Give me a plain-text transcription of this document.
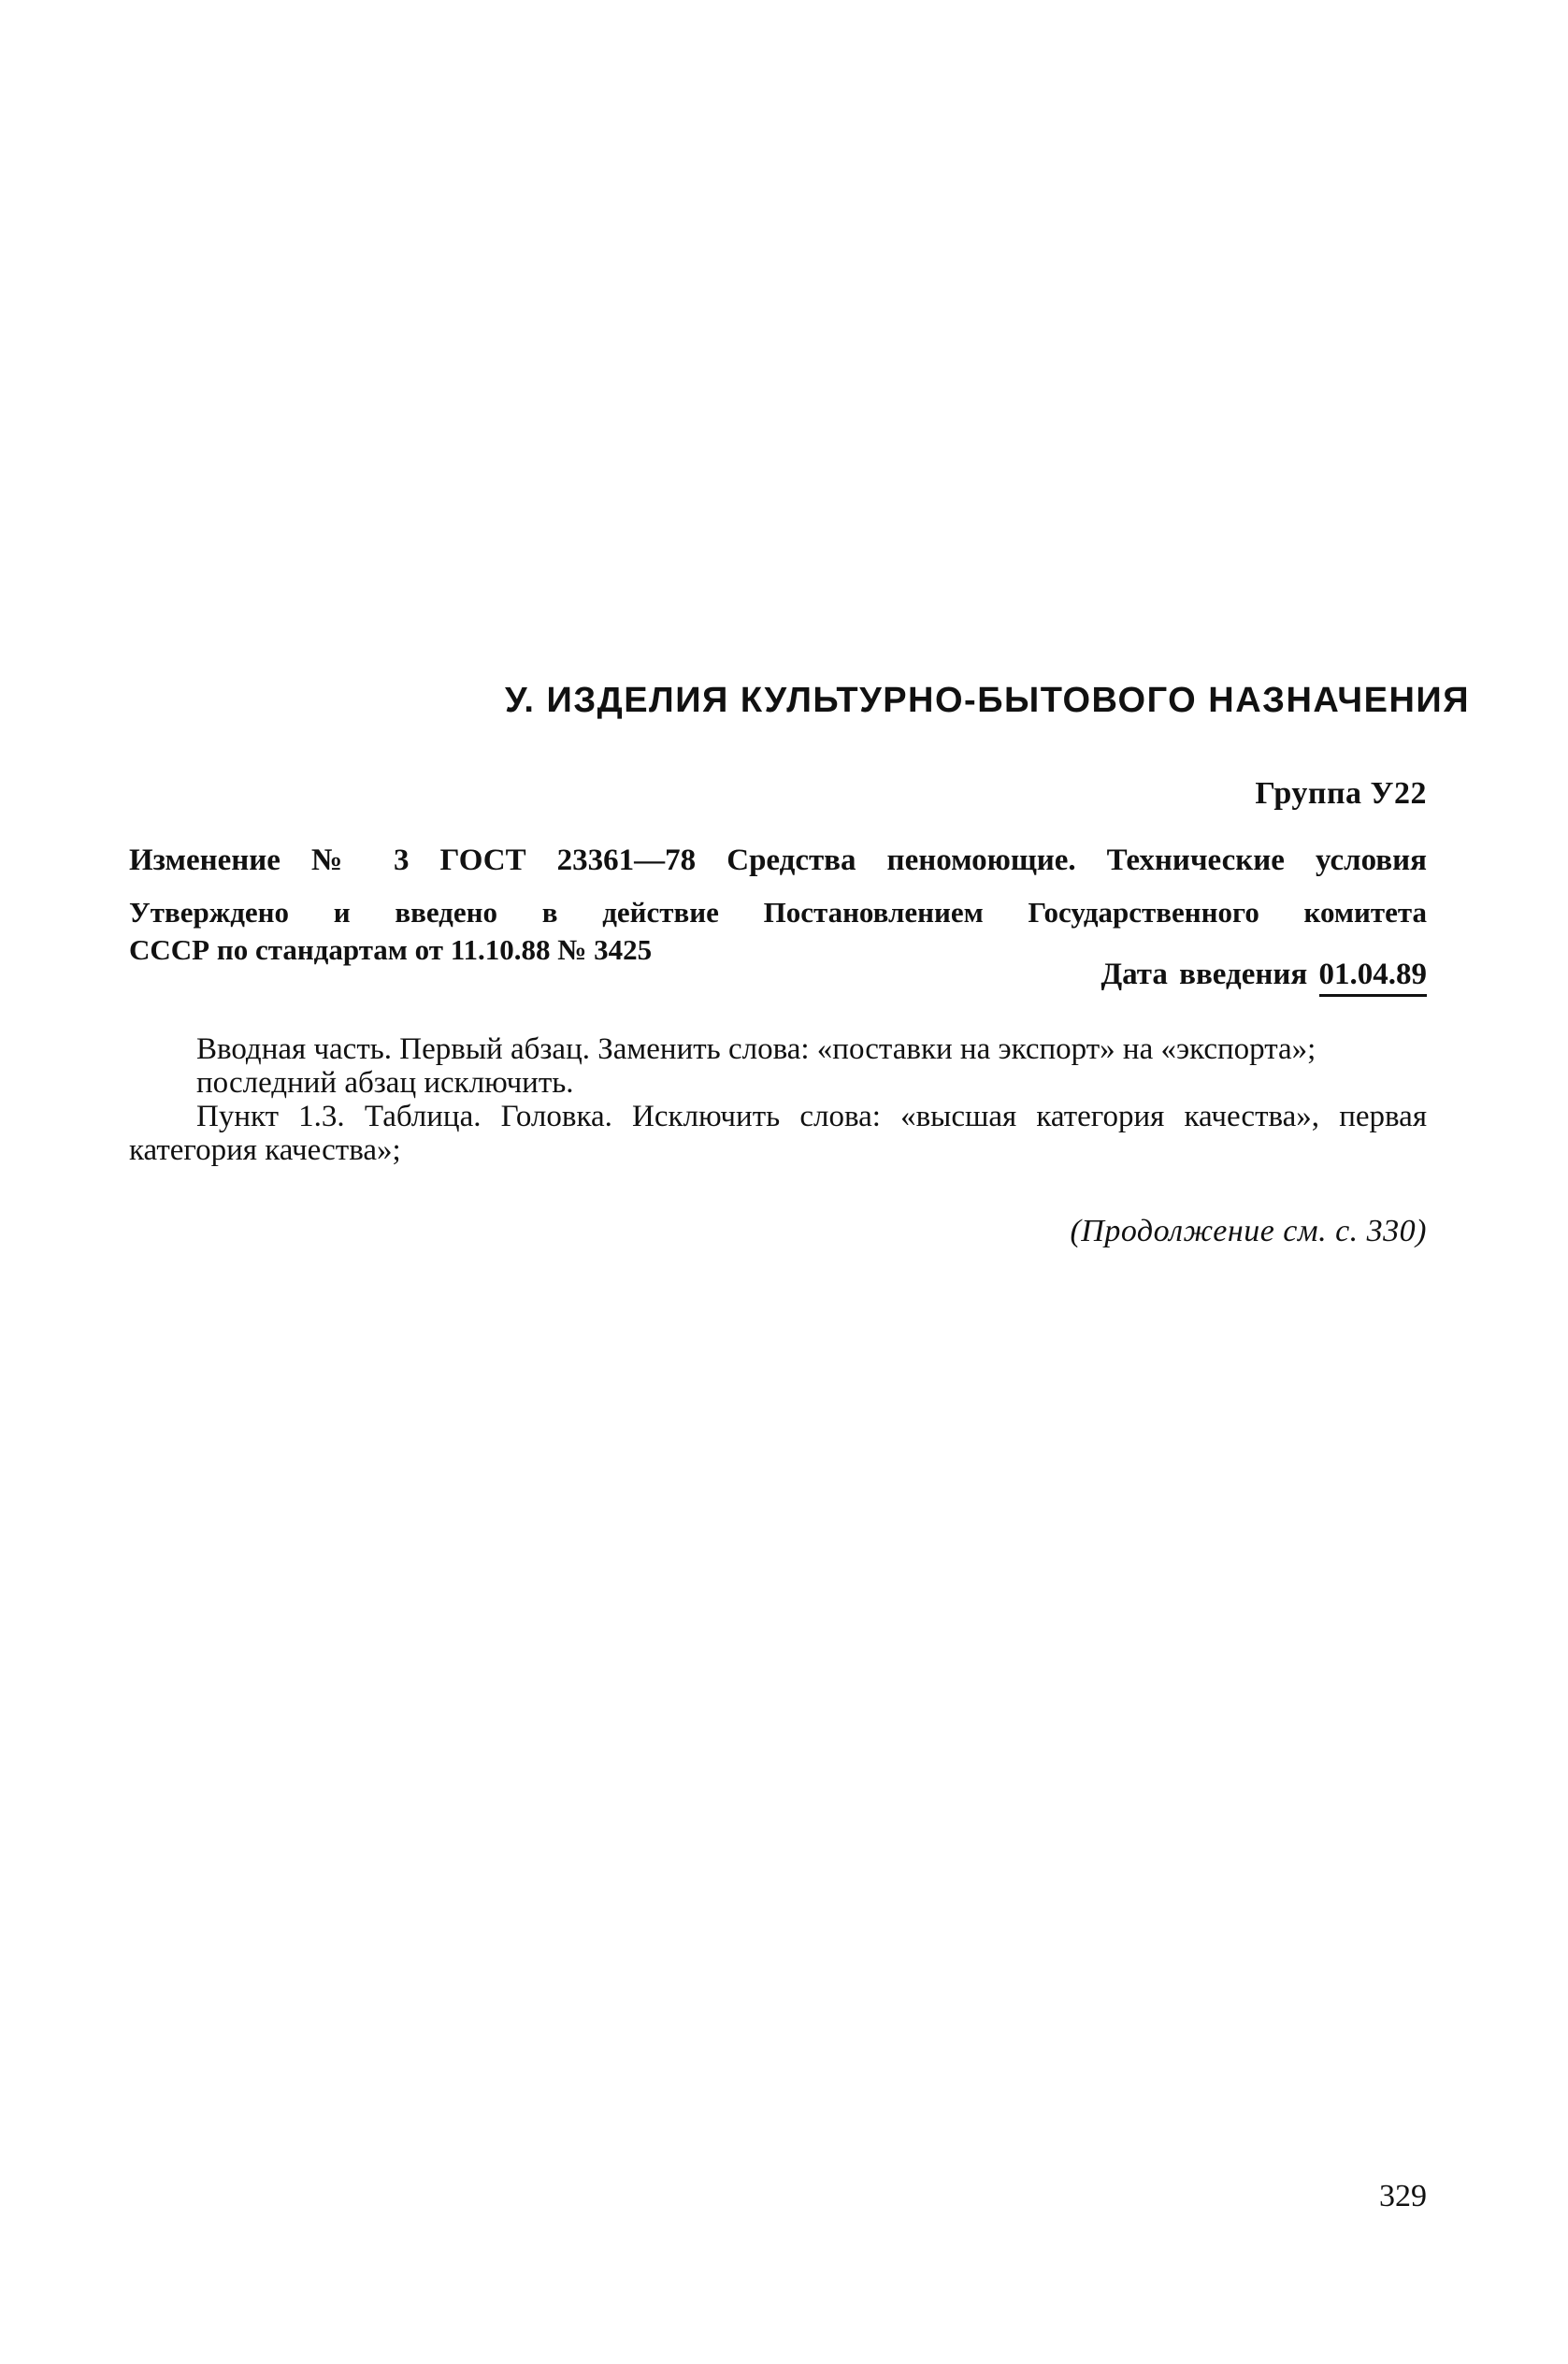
У. ИЗДЕЛИЯ КУЛЬТУРНО-БЫТОВОГО НАЗНАЧЕНИЯ
Группа У22
Изменение № 3 ГОСТ 23361—78 Средства пеномоющие. Технические условия
Утверждено и введено в действие Постановлением Государственного комитета
СССР по стандартам от 11.10.88 № 3425
Дата введения 01.04.89

Вводная часть. Первый абзац. Заменить слова: «поставки на экспорт» на «экспорта»;

последний абзац исключить.

Пункт 1.3. Таблица. Головка. Исключить слова: «высшая категория качества», первая категория качества»;

(Продолжение см. с. 330)
329
